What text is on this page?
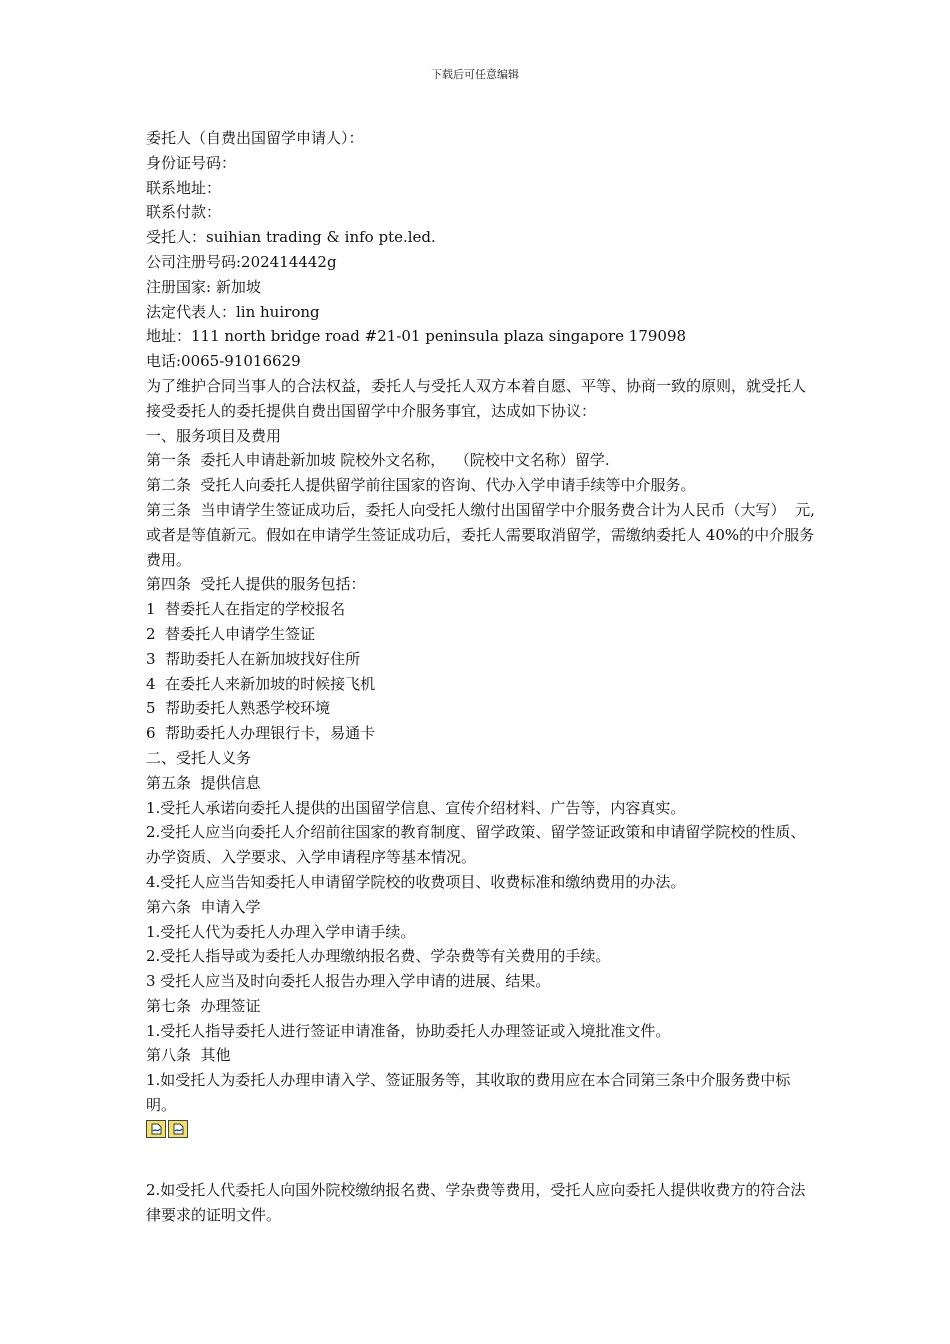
下载后可任意编辑
委托人（自费出国留学申请人）：
身份证号码：
联系地址：
联系付款：
受托人：suihian trading & info pte.led.
公司注册号码:202414442g
注册国家: 新加坡
法定代表人：lin huirong
地址：111 north bridge road #21-01 peninsula plaza singapore 179098
电话:0065-91016629
为了维护合同当事人的合法权益，委托人与受托人双方本着自愿、平等、协商一致的原则，就受托人接受委托人的委托提供自费出国留学中介服务事宜，达成如下协议：
一、服务项目及费用
第一条  委托人申请赴新加坡 院校外文名称，  （院校中文名称）留学.
第二条  受托人向委托人提供留学前往国家的咨询、代办入学申请手续等中介服务。
第三条  当申请学生签证成功后，委托人向受托人缴付出国留学中介服务费合计为人民币（大写）  元,或者是等值新元。假如在申请学生签证成功后，委托人需要取消留学，需缴纳委托人 40%的中介服务费用。
第四条  受托人提供的服务包括：
1  替委托人在指定的学校报名
2  替委托人申请学生签证
3  帮助委托人在新加坡找好住所
4  在委托人来新加坡的时候接飞机
5  帮助委托人熟悉学校环境
6  帮助委托人办理银行卡，易通卡
二、受托人义务
第五条  提供信息
1.受托人承诺向委托人提供的出国留学信息、宣传介绍材料、广告等，内容真实。
2.受托人应当向委托人介绍前往国家的教育制度、留学政策、留学签证政策和申请留学院校的性质、办学资质、入学要求、入学申请程序等基本情况。
4.受托人应当告知委托人申请留学院校的收费项目、收费标准和缴纳费用的办法。
第六条  申请入学
1.受托人代为委托人办理入学申请手续。
2.受托人指导或为委托人办理缴纳报名费、学杂费等有关费用的手续。
3 受托人应当及时向委托人报告办理入学申请的进展、结果。
第七条  办理签证
1.受托人指导委托人进行签证申请准备，协助委托人办理签证或入境批准文件。
第八条  其他
1.如受托人为委托人办理申请入学、签证服务等，其收取的费用应在本合同第三条中介服务费中标明。
2.如受托人代委托人向国外院校缴纳报名费、学杂费等费用，受托人应向委托人提供收费方的符合法律要求的证明文件。
